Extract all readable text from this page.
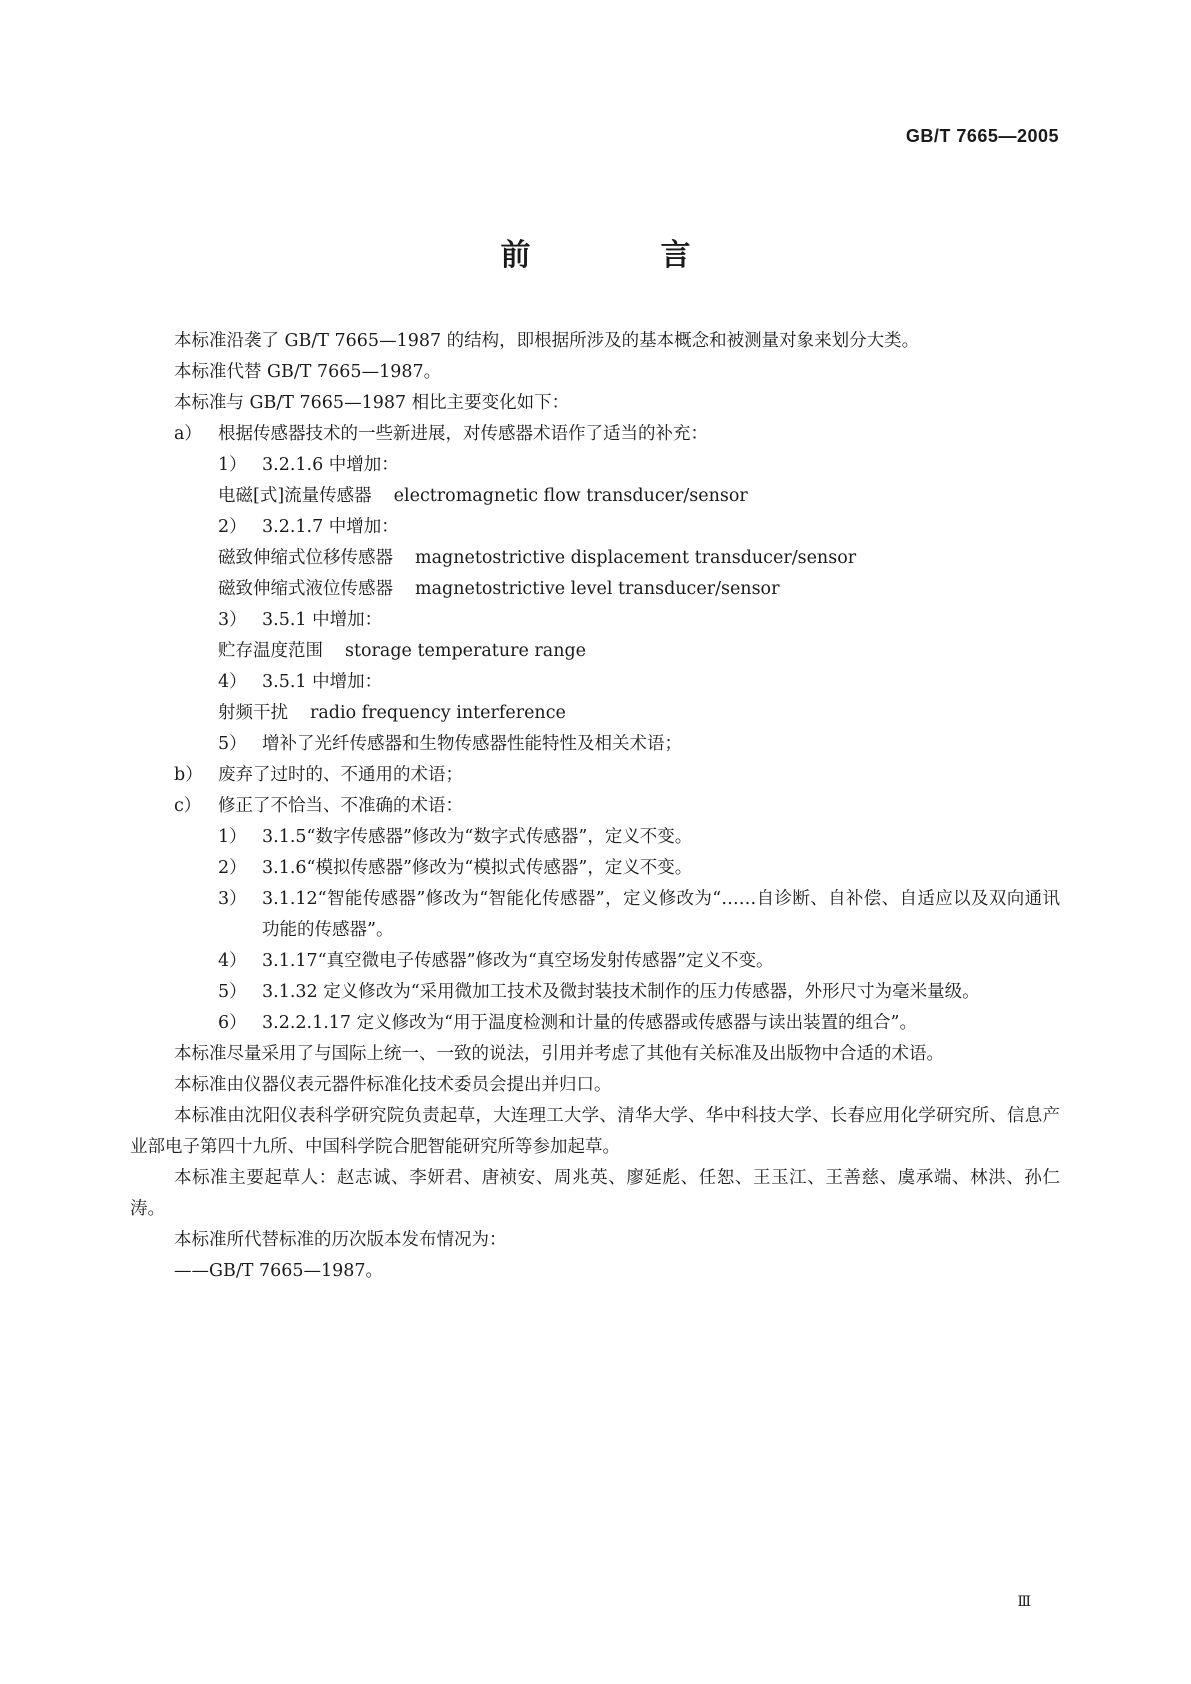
GB/T 7665—2005
前　言
本标准沿袭了 GB/T 7665—1987 的结构，即根据所涉及的基本概念和被测量对象来划分大类。
本标准代替 GB/T 7665—1987。
本标准与 GB/T 7665—1987 相比主要变化如下：
a） 根据传感器技术的一些新进展，对传感器术语作了适当的补充：
1） 3.2.1.6 中增加：
电磁[式]流量传感器 electromagnetic flow transducer/sensor
2） 3.2.1.7 中增加：
磁致伸缩式位移传感器 magnetostrictive displacement transducer/sensor
磁致伸缩式液位传感器 magnetostrictive level transducer/sensor
3） 3.5.1 中增加：
贮存温度范围 storage temperature range
4） 3.5.1 中增加：
射频干扰 radio frequency interference
5） 增补了光纤传感器和生物传感器性能特性及相关术语；
b） 废弃了过时的、不通用的术语；
c） 修正了不恰当、不准确的术语：
1） 3.1.5“数字传感器”修改为“数字式传感器”，定义不变。
2） 3.1.6“模拟传感器”修改为“模拟式传感器”，定义不变。
3） 3.1.12“智能传感器”修改为“智能化传感器”，定义修改为“……自诊断、自补偿、自适应以及双向通讯功能的传感器”。
4） 3.1.17“真空微电子传感器”修改为“真空场发射传感器”定义不变。
5） 3.1.32 定义修改为“采用微加工技术及微封装技术制作的压力传感器，外形尺寸为毫米量级。
6） 3.2.2.1.17 定义修改为“用于温度检测和计量的传感器或传感器与读出装置的组合”。
本标准尽量采用了与国际上统一、一致的说法，引用并考虑了其他有关标准及出版物中合适的术语。
本标准由仪器仪表元器件标准化技术委员会提出并归口。
本标准由沈阳仪表科学研究院负责起草，大连理工大学、清华大学、华中科技大学、长春应用化学研究所、信息产业部电子第四十九所、中国科学院合肥智能研究所等参加起草。
本标准主要起草人：赵志诚、李妍君、唐祯安、周兆英、廖延彪、任恕、王玉江、王善慈、虞承端、林洪、孙仁涛。
本标准所代替标准的历次版本发布情况为：
——GB/T 7665—1987。
Ⅲ
